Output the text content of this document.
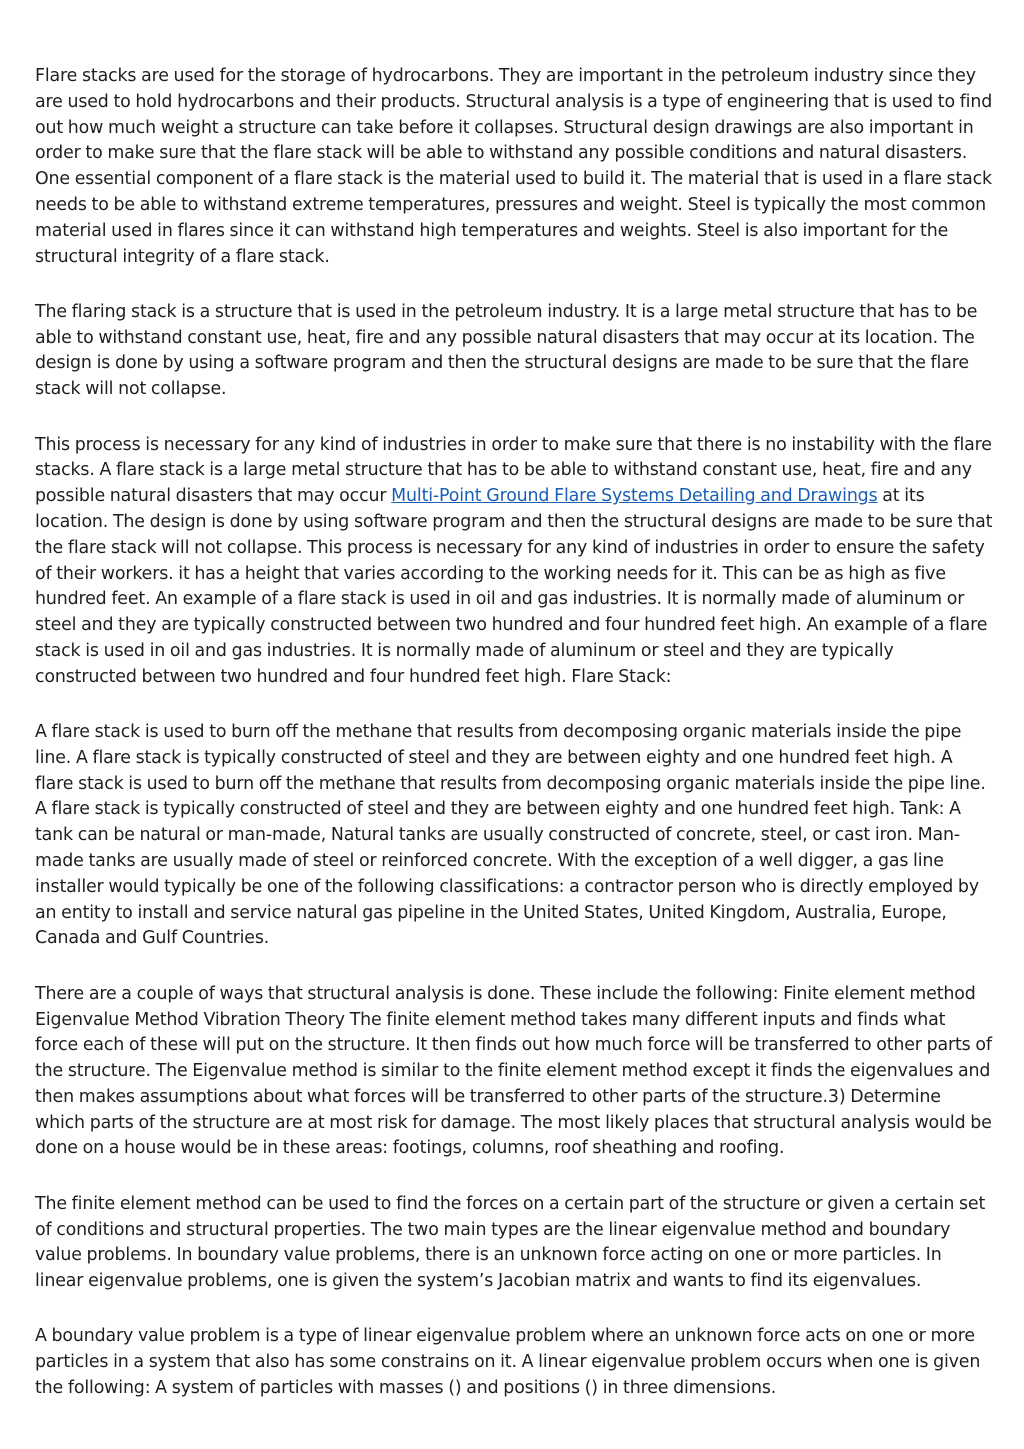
Flare stacks are used for the storage of hydrocarbons. They are important in the petroleum industry since they are used to hold hydrocarbons and their products. Structural analysis is a type of engineering that is used to find out how much weight a structure can take before it collapses. Structural design drawings are also important in order to make sure that the flare stack will be able to withstand any possible conditions and natural disasters. One essential component of a flare stack is the material used to build it. The material that is used in a flare stack needs to be able to withstand extreme temperatures, pressures and weight. Steel is typically the most common material used in flares since it can withstand high temperatures and weights. Steel is also important for the structural integrity of a flare stack.

The flaring stack is a structure that is used in the petroleum industry. It is a large metal structure that has to be able to withstand constant use, heat, fire and any possible natural disasters that may occur at its location. The design is done by using a software program and then the structural designs are made to be sure that the flare stack will not collapse.

This process is necessary for any kind of industries in order to make sure that there is no instability with the flare stacks. A flare stack is a large metal structure that has to be able to withstand constant use, heat, fire and any possible natural disasters that may occur Multi-Point Ground Flare Systems Detailing and Drawings at its location. The design is done by using software program and then the structural designs are made to be sure that the flare stack will not collapse. This process is necessary for any kind of industries in order to ensure the safety of their workers. it has a height that varies according to the working needs for it. This can be as high as five hundred feet. An example of a flare stack is used in oil and gas industries. It is normally made of aluminum or steel and they are typically constructed between two hundred and four hundred feet high. An example of a flare stack is used in oil and gas industries. It is normally made of aluminum or steel and they are typically constructed between two hundred and four hundred feet high. Flare Stack:

A flare stack is used to burn off the methane that results from decomposing organic materials inside the pipe line. A flare stack is typically constructed of steel and they are between eighty and one hundred feet high. A flare stack is used to burn off the methane that results from decomposing organic materials inside the pipe line. A flare stack is typically constructed of steel and they are between eighty and one hundred feet high. Tank: A tank can be natural or man-made, Natural tanks are usually constructed of concrete, steel, or cast iron. Man-made tanks are usually made of steel or reinforced concrete. With the exception of a well digger, a gas line installer would typically be one of the following classifications: a contractor person who is directly employed by an entity to install and service natural gas pipeline in the United States, United Kingdom, Australia, Europe, Canada and Gulf Countries.

There are a couple of ways that structural analysis is done. These include the following: Finite element method Eigenvalue Method Vibration Theory The finite element method takes many different inputs and finds what force each of these will put on the structure. It then finds out how much force will be transferred to other parts of the structure. The Eigenvalue method is similar to the finite element method except it finds the eigenvalues and then makes assumptions about what forces will be transferred to other parts of the structure.3) Determine which parts of the structure are at most risk for damage. The most likely places that structural analysis would be done on a house would be in these areas: footings, columns, roof sheathing and roofing.

The finite element method can be used to find the forces on a certain part of the structure or given a certain set of conditions and structural properties. The two main types are the linear eigenvalue method and boundary value problems. In boundary value problems, there is an unknown force acting on one or more particles. In linear eigenvalue problems, one is given the system’s Jacobian matrix and wants to find its eigenvalues.

A boundary value problem is a type of linear eigenvalue problem where an unknown force acts on one or more particles in a system that also has some constrains on it. A linear eigenvalue problem occurs when one is given the following: A system of particles with masses () and positions () in three dimensions.
